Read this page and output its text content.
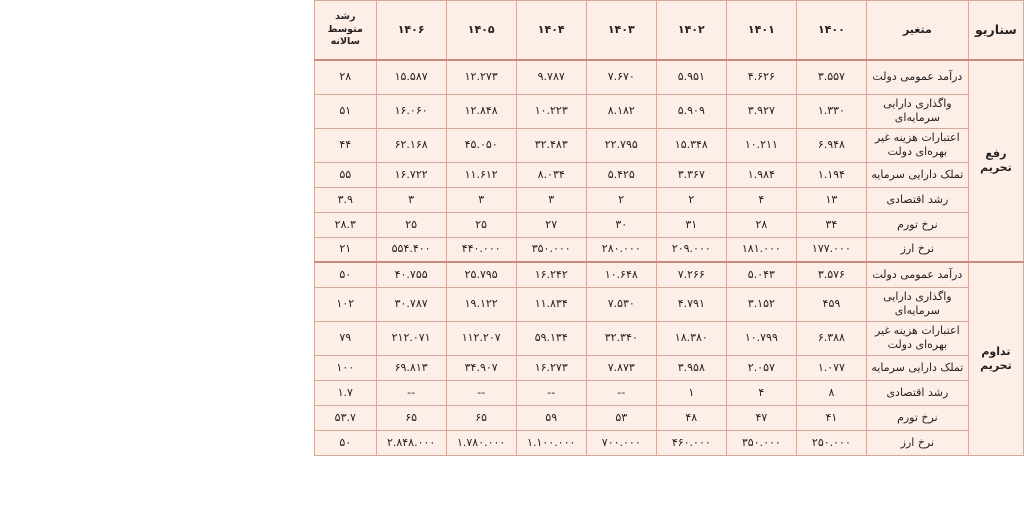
سناریو	متغیر	۱۴۰۰	۱۴۰۱	۱۴۰۲	۱۴۰۳	۱۴۰۴	۱۴۰۵	۱۴۰۶	رشد متوسط سالانه
رفع تحریم	درآمد عمومی دولت	۳.۵۵۷	۴.۶۲۶	۵.۹۵۱	۷.۶۷۰	۹.۷۸۷	۱۲.۲۷۳	۱۵.۵۸۷	۲۸
	واگذاری دارایی سرمایه‌ای	۱.۳۳۰	۳.۹۲۷	۵.۹۰۹	۸.۱۸۲	۱۰.۲۲۳	۱۲.۸۴۸	۱۶.۰۶۰	۵۱
	اعتبارات هزینه غیر بهره‌ای دولت	۶.۹۴۸	۱۰.۲۱۱	۱۵.۳۴۸	۲۲.۷۹۵	۳۲.۴۸۳	۴۵.۰۵۰	۶۲.۱۶۸	۴۴
	تملک دارایی سرمایه	۱.۱۹۴	۱.۹۸۴	۳.۳۶۷	۵.۴۲۵	۸.۰۳۴	۱۱.۶۱۲	۱۶.۷۲۲	۵۵
	رشد اقتصادی	۱۳	۴	۲	۲	۳	۳	۳	۳.۹
	نرخ تورم	۳۴	۲۸	۳۱	۳۰	۲۷	۲۵	۲۵	۲۸.۳
	نرخ ارز	۱۷۷.۰۰۰	۱۸۱.۰۰۰	۲۰۹.۰۰۰	۲۸۰.۰۰۰	۳۵۰.۰۰۰	۴۴۰.۰۰۰	۵۵۴.۴۰۰	۲۱
تداوم تحریم	درآمد عمومی دولت	۳.۵۷۶	۵.۰۴۳	۷.۲۶۶	۱۰.۶۴۸	۱۶.۲۴۲	۲۵.۷۹۵	۴۰.۷۵۵	۵۰
	واگذاری دارایی سرمایه‌ای	۴۵۹	۳.۱۵۲	۴.۷۹۱	۷.۵۳۰	۱۱.۸۳۴	۱۹.۱۲۲	۳۰.۷۸۷	۱۰۲
	اعتبارات هزینه غیر بهره‌ای دولت	۶.۳۸۸	۱۰.۷۹۹	۱۸.۳۸۰	۳۲.۳۴۰	۵۹.۱۳۴	۱۱۲.۲۰۷	۲۱۲.۰۷۱	۷۹
	تملک دارایی سرمایه	۱.۰۷۷	۲.۰۵۷	۳.۹۵۸	۷.۸۷۳	۱۶.۲۷۳	۳۴.۹۰۷	۶۹.۸۱۳	۱۰۰
	رشد اقتصادی	۸	۴	۱	--	--	--	--	۱.۷
	نرخ تورم	۴۱	۴۷	۴۸	۵۳	۵۹	۶۵	۶۵	۵۳.۷
	نرخ ارز	۲۵۰.۰۰۰	۳۵۰.۰۰۰	۴۶۰.۰۰۰	۷۰۰.۰۰۰	۱.۱۰۰.۰۰۰	۱.۷۸۰.۰۰۰	۲.۸۴۸.۰۰۰	۵۰
